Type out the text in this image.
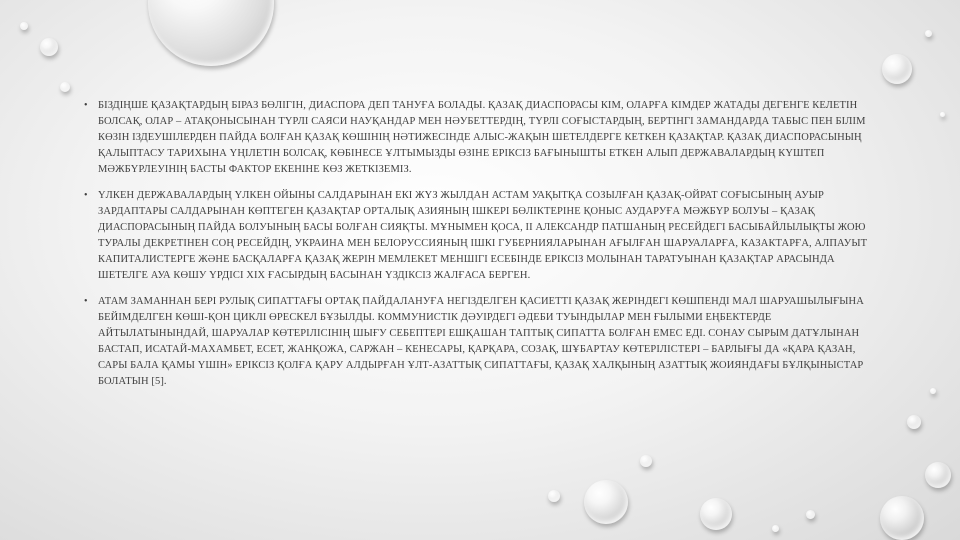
• БІЗДІҢШЕ ҚАЗАҚТАРДЫҢ БІРАЗ БӨЛІГІН, ДИАСПОРА ДЕП ТАНУҒА БОЛАДЫ. ҚАЗАҚ ДИАСПОРАСЫ КІМ, ОЛАРҒА КІМДЕР ЖАТАДЫ ДЕГЕНГЕ КЕЛЕТІН БОЛСАҚ, ОЛАР – АТАҚОНЫСЫНАН ТҮРЛІ САЯСИ НАУҚАНДАР МЕН НӘУБЕТТЕРДІҢ, ТҮРЛІ СОҒЫСТАРДЫҢ, БЕРТІНГІ ЗАМАНДАРДА ТАБЫС ПЕН БІЛІМ КӨЗІН ІЗДЕУШІЛЕРДЕН ПАЙДА БОЛҒАН ҚАЗАҚ КӨШІНІҢ НӘТИЖЕСІНДЕ АЛЫС-ЖАҚЫН ШЕТЕЛДЕРГЕ КЕТКЕН ҚАЗАҚТАР. ҚАЗАҚ ДИАСПОРАСЫНЫҢ ҚАЛЫПТАСУ ТАРИХЫНА ҮҢІЛЕТІН БОЛСАҚ, КӨБІНЕСЕ ҰЛТЫМЫЗДЫ ӨЗІНЕ ЕРІКСІЗ БАҒЫНЫШТЫ ЕТКЕН АЛЫП ДЕРЖАВАЛАРДЫҢ КҮШТЕП МӘЖБҮРЛЕУІНІҢ БАСТЫ ФАКТОР ЕКЕНІНЕ КӨЗ ЖЕТКІЗЕМІЗ.
• ҮЛКЕН ДЕРЖАВАЛАРДЫҢ ҮЛКЕН ОЙЫНЫ САЛДАРЫНАН ЕКІ ЖҮЗ ЖЫЛДАН АСТАМ УАҚЫТҚА СОЗЫЛҒАН ҚАЗАҚ-ОЙРАТ СОҒЫСЫНЫҢ АУЫР ЗАРДАПТАРЫ САЛДАРЫНАН КӨПТЕГЕН ҚАЗАҚТАР ОРТАЛЫҚ АЗИЯНЫҢ ІШКЕРІ БӨЛІКТЕРІНЕ ҚОНЫС АУДАРУҒА МӘЖБҮР БОЛУЫ – ҚАЗАҚ ДИАСПОРАСЫНЫҢ ПАЙДА БОЛУЫНЫҢ БАСЫ БОЛҒАН СИЯҚТЫ. МҰНЫМЕН ҚОСА, ІІ АЛЕКСАНДР ПАТШАНЫҢ РЕСЕЙДЕГІ БАСЫБАЙЛЫЛЫҚТЫ ЖОЮ ТУРАЛЫ ДЕКРЕТІНЕН СОҢ РЕСЕЙДІҢ, УКРАИНА МЕН БЕЛОРУССИЯНЫҢ ІШКІ ГУБЕРНИЯЛАРЫНАН АҒЫЛҒАН ШАРУАЛАРҒА, КАЗАКТАРҒА, АЛПАУЫТ КАПИТАЛИСТЕРГЕ ЖӘНЕ БАСҚАЛАРҒА ҚАЗАҚ ЖЕРІН МЕМЛЕКЕТ МЕНШІГІ ЕСЕБІНДЕ ЕРІКСІЗ МОЛЫНАН ТАРАТУЫНАН ҚАЗАҚТАР АРАСЫНДА ШЕТЕЛГЕ АУА КӨШУ ҮРДІСІ XIX ҒАСЫРДЫҢ БАСЫНАН ҮЗДІКСІЗ ЖАЛҒАСА БЕРГЕН.
• АТАМ ЗАМАННАН БЕРІ РУЛЫҚ СИПАТТАҒЫ ОРТАҚ ПАЙДАЛАНУҒА НЕГІЗДЕЛГЕН ҚАСИЕТТІ ҚАЗАҚ ЖЕРІНДЕГІ КӨШПЕНДІ МАЛ ШАРУАШЫЛЫҒЫНА БЕЙІМДЕЛГЕН КӨШІ-ҚОН ЦИКЛІ ӨРЕСКЕЛ БҰЗЫЛДЫ. КОММУНИСТІК ДӘУІРДЕГІ ӘДЕБИ ТУЫНДЫЛАР МЕН ҒЫЛЫМИ ЕҢБЕКТЕРДЕ АЙТЫЛАТЫНЫНДАЙ, ШАРУАЛАР КӨТЕРІЛІСІНІҢ ШЫҒУ СЕБЕПТЕРІ ЕШҚАШАН ТАПТЫҚ СИПАТТА БОЛҒАН ЕМЕС ЕДІ. СОНАУ СЫРЫМ ДАТҰЛЫНАН БАСТАП, ИСАТАЙ-МАХАМБЕТ, ЕСЕТ, ЖАНҚОЖА, САРЖАН – КЕНЕСАРЫ, ҚАРҚАРА, СОЗАҚ, ШҰБАРТАУ КӨТЕРІЛІСТЕРІ – БАРЛЫҒЫ ДА «ҚАРА ҚАЗАН, САРЫ БАЛА ҚАМЫ ҮШІН» ЕРІКСІЗ ҚОЛҒА ҚАРУ АЛДЫРҒАН ҰЛТ-АЗАТТЫҚ СИПАТТАҒЫ, ҚАЗАҚ ХАЛҚЫНЫҢ АЗАТТЫҚ ЖОИЯНДАҒЫ БҰЛҚЫНЫСТАР БОЛАТЫН [5].
